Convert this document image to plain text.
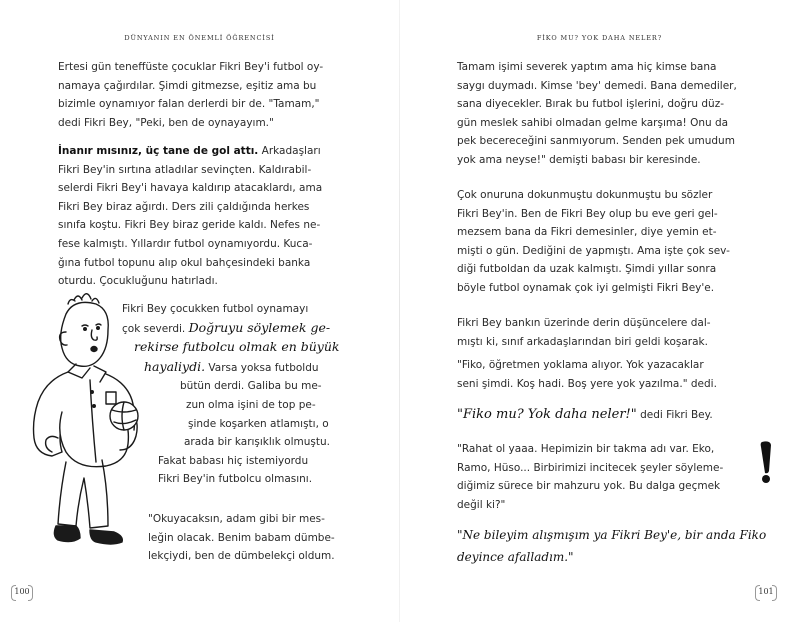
DÜNYANIN EN ÖNEMLİ ÖĞRENCİSİ
Ertesi gün teneffüste çocuklar Fikri Bey'i futbol oy-
namaya çağırdılar. Şimdi gitmezse, eşitiz ama bu
bizimle oynamıyor falan derlerdi bir de. "Tamam,"
dedi Fikri Bey, "Peki, ben de oynayayım."
İnanır mısınız, üç tane de gol attı. Arkadaşları
Fikri Bey'in sırtına atladılar sevinçten. Kaldırabil-
selerdi Fikri Bey'i havaya kaldırıp atacaklardı, ama
Fikri Bey biraz ağırdı. Ders zili çaldığında herkes
sınıfa koştu. Fikri Bey biraz geride kaldı. Nefes ne-
fese kalmıştı. Yıllardır futbol oynamıyordu. Kuca-
ğına futbol topunu alıp okul bahçesindeki banka
oturdu. Çocukluğunu hatırladı.
Fikri Bey çocukken futbol oynamayı
çok severdi. Doğruyu söylemek ge-
rekirse futbolcu olmak en büyük
hayaliydi. Varsa yoksa futboldu
bütün derdi. Galiba bu me-
zun olma işini de top pe-
şinde koşarken atlamıştı, o
arada bir karışıklık olmuştu.
Fakat babası hiç istemiyordu
Fikri Bey'in futbolcu olmasını.
"Okuyacaksın, adam gibi bir mes-
leğin olacak. Benim babam dümbe-
lekçiydi, ben de dümbelekçi oldum.
100
FİKO MU? YOK DAHA NELER?
Tamam işimi severek yaptım ama hiç kimse bana
saygı duymadı. Kimse 'bey' demedi. Bana demediler,
sana diyecekler. Bırak bu futbol işlerini, doğru düz-
gün meslek sahibi olmadan gelme karşıma! Onu da
pek becereceğini sanmıyorum. Senden pek umudum
yok ama neyse!" demişti babası bir keresinde.
Çok onuruna dokunmuştu dokunmuştu bu sözler
Fikri Bey'in. Ben de Fikri Bey olup bu eve geri gel-
mezsem bana da Fikri demesinler, diye yemin et-
mişti o gün. Dediğini de yapmıştı. Ama işte çok sev-
diği futboldan da uzak kalmıştı. Şimdi yıllar sonra
böyle futbol oynamak çok iyi gelmişti Fikri Bey'e.
Fikri Bey bankın üzerinde derin düşüncelere dal-
mıştı ki, sınıf arkadaşlarından biri geldi koşarak.
"Fiko, öğretmen yoklama alıyor. Yok yazacaklar
seni şimdi. Koş hadi. Boş yere yok yazılma." dedi.
"Fiko mu? Yok daha neler!" dedi Fikri Bey.
"Rahat ol yaaa. Hepimizin bir takma adı var. Eko,
Ramo, Hüso... Birbirimizi incitecek şeyler söyleme-
diğimiz sürece bir mahzuru yok. Bu dalga geçmek
değil ki?"
"Ne bileyim alışmışım ya Fikri Bey'e, bir anda Fiko
deyince afalladım."
101
